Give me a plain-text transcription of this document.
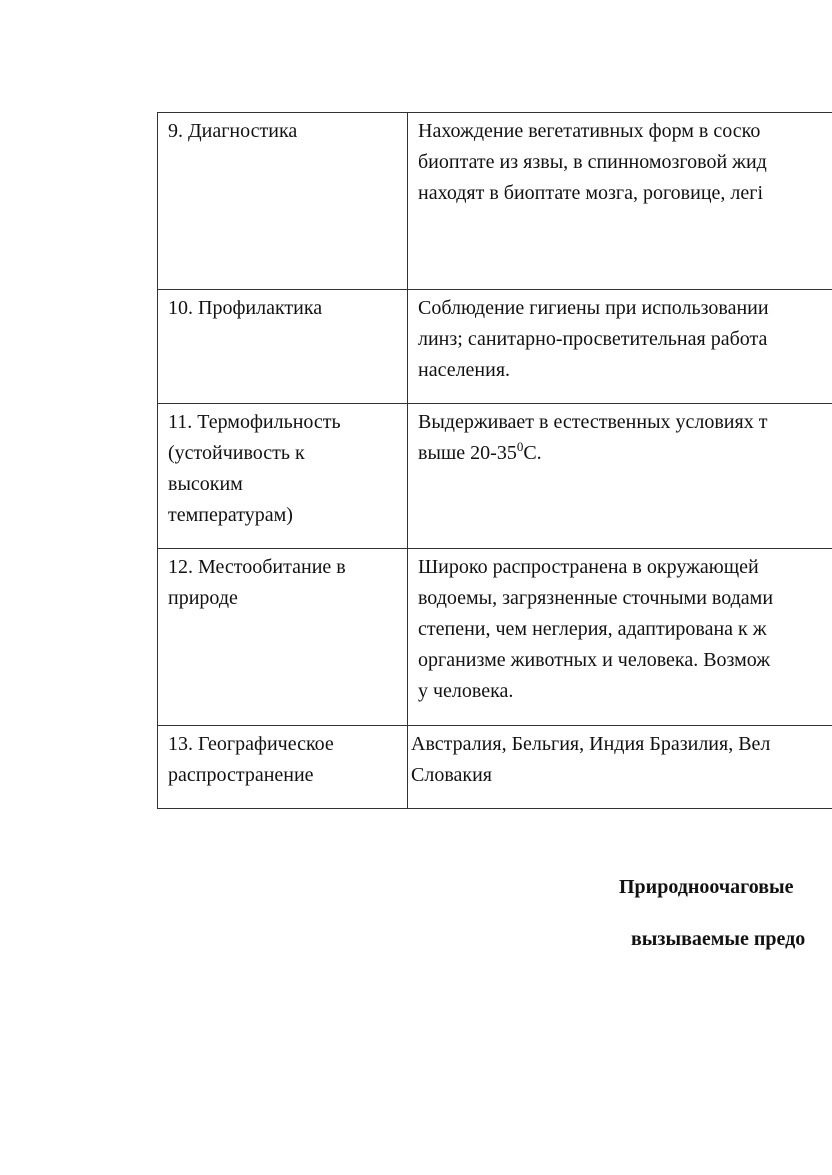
9. Диагностика	Нахождение вегетативных форм в соско
биоптате из язвы, в спинномозговой жид
находят в биоптате мозга, роговице, легі

10. Профилактика	Соблюдение гигиены при использовании
линз; санитарно-просветительная работа
населения.

11. Термофильность
(устойчивость к
высоким
температурам)	Выдерживает в естественных условиях т
выше $20-35^0С$.

12. Местообитание в
природе	Широко распространена в окружающей
водоемы, загрязненные сточными водами
степени, чем неглерия, адаптирована к ж
организме животных и человека. Возмож
у человека.

13. Географическое
распространение	Австралия, Бельгия, Индия Бразилия, Вел
Словакия
Природноочаговые
вызываемые предо
